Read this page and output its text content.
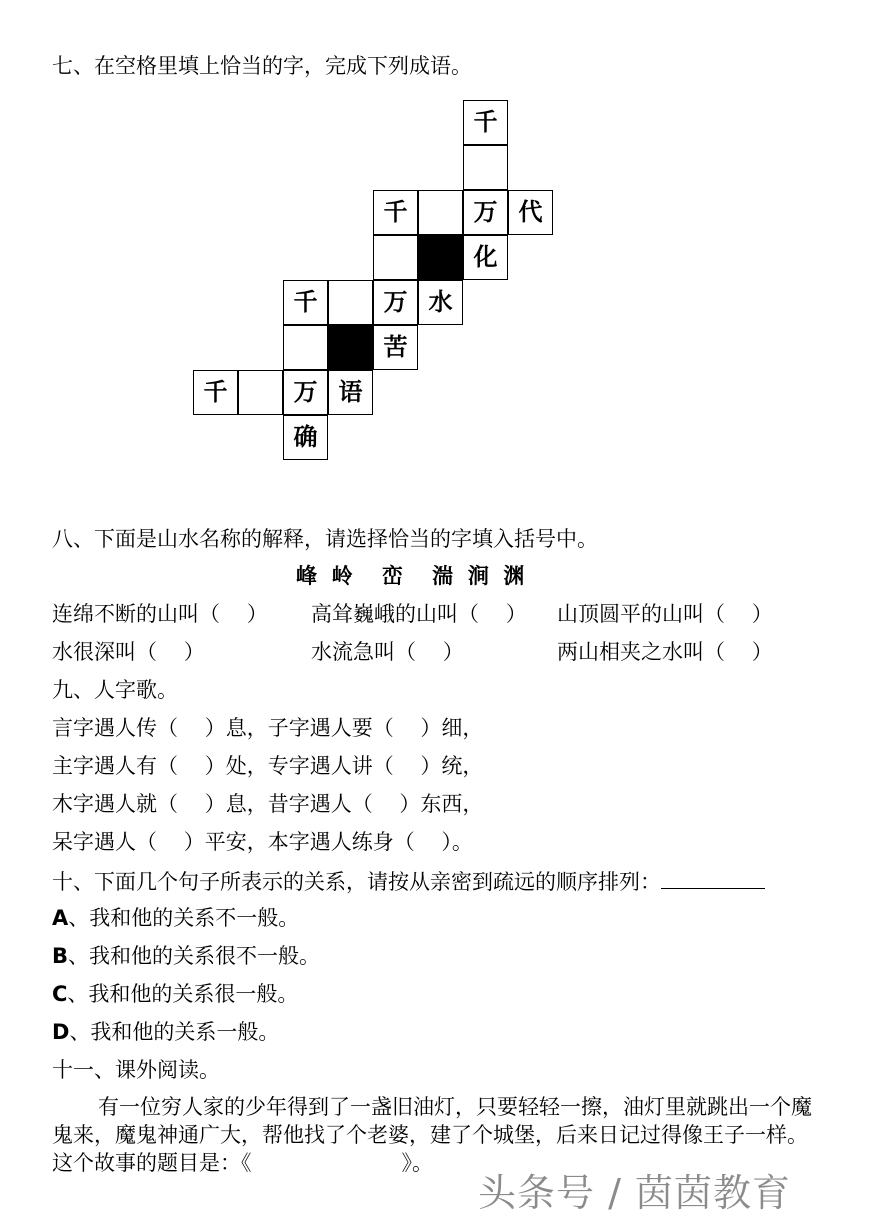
七、在空格里填上恰当的字，完成下列成语。
千
千	万 代
化
千	万 水
苦
千	万 语
确
八、下面是山水名称的解释，请选择恰当的字填入括号中。
峰  岭    峦    湍  涧  渊
连绵不断的山叫（    ） 高耸巍峨的山叫（    ） 山顶圆平的山叫（    ）
水很深叫（    ）	水流急叫（    ）	两山相夹之水叫（    ）
九、人字歌。
言字遇人传（    ）息，子字遇人要（    ）细，
主字遇人有（    ）处，专字遇人讲（    ）统，
木字遇人就（    ）息，昔字遇人（    ）东西，
呆字遇人（    ）平安，本字遇人练身（    ）。
十、下面几个句子所表示的关系，请按从亲密到疏远的顺序排列：
A、我和他的关系不一般。
B、我和他的关系很不一般。
C、我和他的关系很一般。
D、我和他的关系一般。
十一、课外阅读。
有一位穷人家的少年得到了一盏旧油灯，只要轻轻一擦，油灯里就跳出一个魔鬼来，魔鬼神通广大，帮他找了个老婆，建了个城堡，后来日记过得像王子一样。这个故事的题目是：《	》。
头条号 / 茵茵教育
